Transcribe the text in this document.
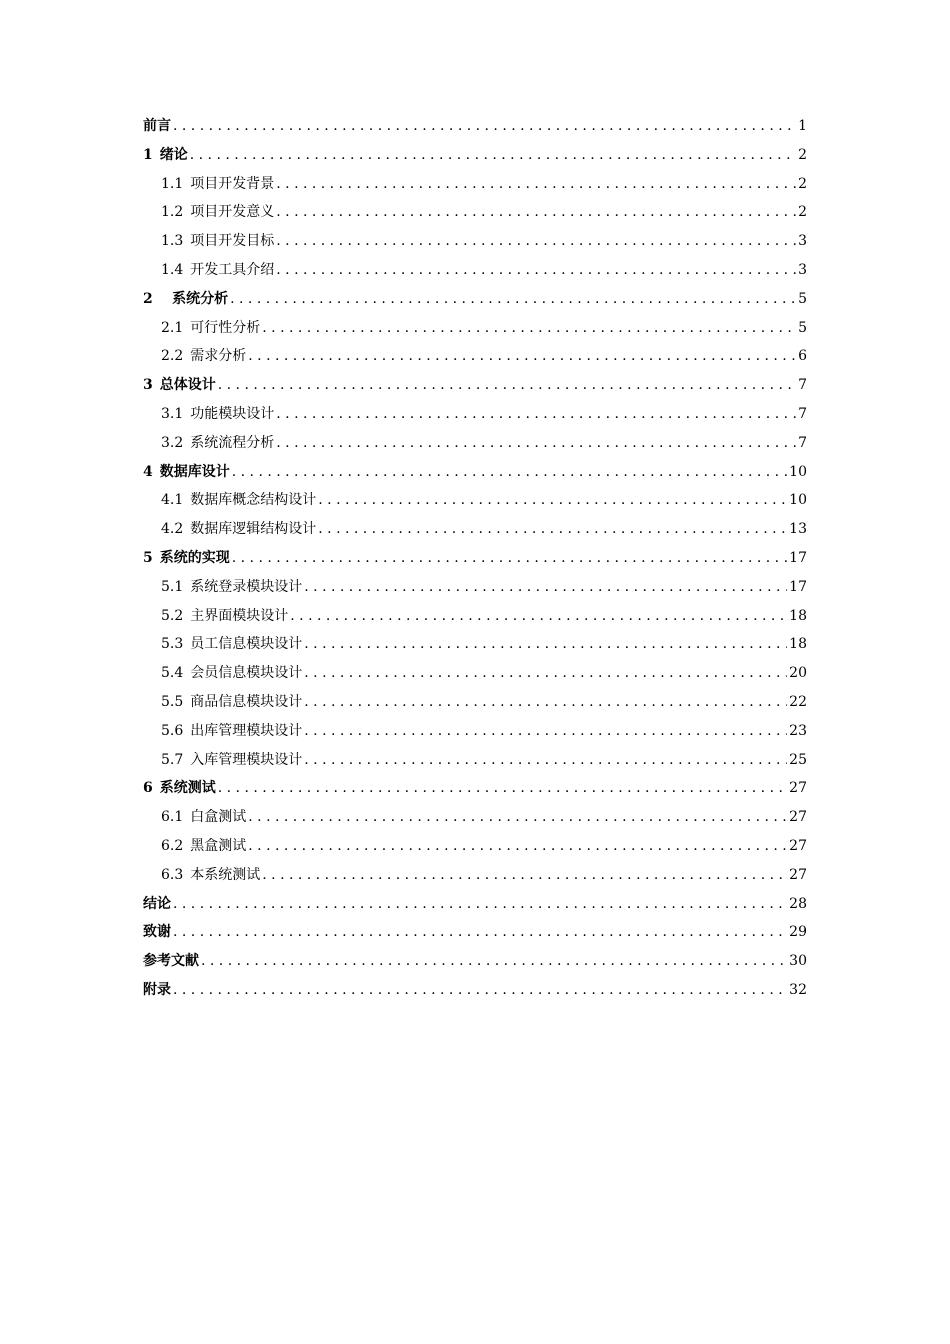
前言 . . .	1
1 绪论 . . .	2
1.1 项目开发背景 . . .	2
1.2 项目开发意义 . . .	2
1.3 项目开发目标 . . .	3
1.4 开发工具介绍 . . .	3
2	系统分析 . . .	5
2.1 可行性分析 . . .	5
2.2 需求分析 . . .	6
3 总体设计 . . .	7
3.1 功能模块设计 . . .	7
3.2 系统流程分析 . . .	7
4 数据库设计 . . .	10
4.1 数据库概念结构设计 . . .	10
4.2 数据库逻辑结构设计 . . .	13
5 系统的实现 . . .	17
5.1 系统登录模块设计 . . .	17
5.2 主界面模块设计 . . .	18
5.3 员工信息模块设计 . . .	18
5.4 会员信息模块设计 . . .	20
5.5 商品信息模块设计 . . .	22
5.6 出库管理模块设计 . . .	23
5.7 入库管理模块设计 . . .	25
6 系统测试 . . .	27
6.1 白盒测试 . . .	27
6.2 黑盒测试 . . .	27
6.3 本系统测试 . . .	27
结论 . . .	28
致谢 . . .	29
参考文献 . . .	30
附录 . . .	32
